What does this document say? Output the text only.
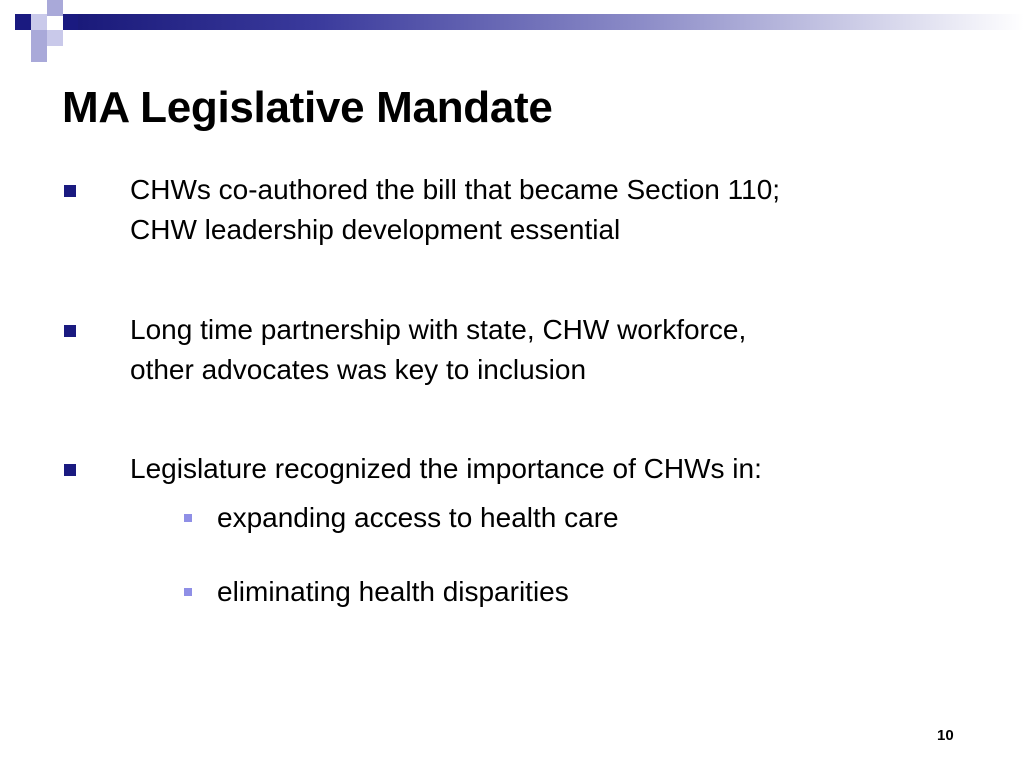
MA Legislative Mandate

CHWs co-authored the bill that became Section 110;

CHW leadership development essential

Long time partnership with state, CHW workforce,

other advocates was key to inclusion

Legislature recognized the importance of CHWs in:

expanding access to health care

eliminating health disparities

10
